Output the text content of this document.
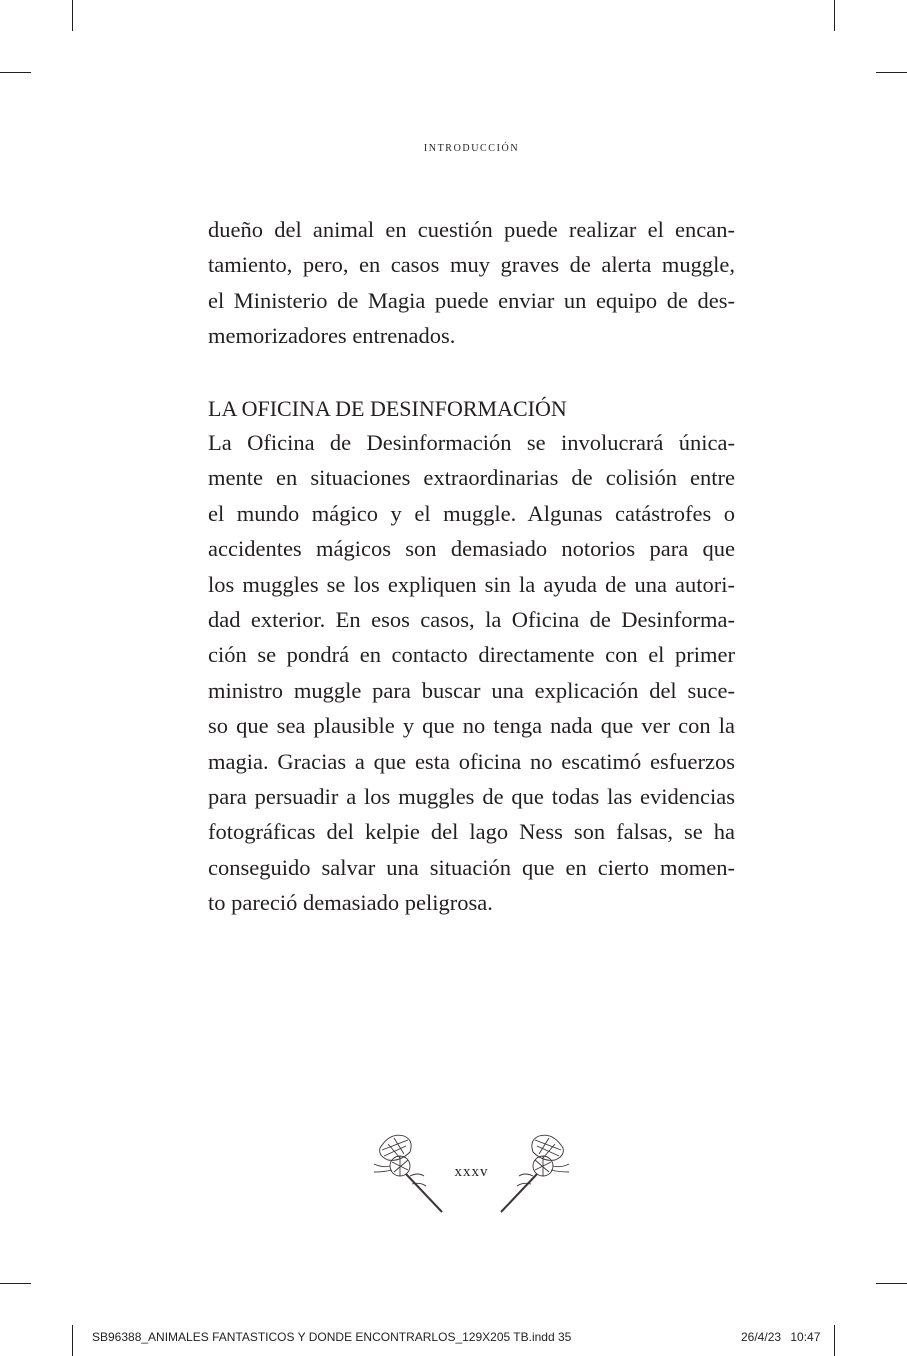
introducción
dueño del animal en cuestión puede realizar el encan-
tamiento, pero, en casos muy graves de alerta muggle,
el Ministerio de Magia puede enviar un equipo de des-
memorizadores entrenados.
LA OFICINA DE DESINFORMACIÓN
La Oficina de Desinformación se involucrará única-
mente en situaciones extraordinarias de colisión entre
el mundo mágico y el muggle. Algunas catástrofes o
accidentes mágicos son demasiado notorios para que
los muggles se los expliquen sin la ayuda de una autori-
dad exterior. En esos casos, la Oficina de Desinforma-
ción se pondrá en contacto directamente con el primer
ministro muggle para buscar una explicación del suce-
so que sea plausible y que no tenga nada que ver con la
magia. Gracias a que esta oficina no escatimó esfuerzos
para persuadir a los muggles de que todas las evidencias
fotográficas del kelpie del lago Ness son falsas, se ha
conseguido salvar una situación que en cierto momen-
to pareció demasiado peligrosa.
xxxv
SB96388_ANIMALES FANTASTICOS Y DONDE ENCONTRARLOS_129X205 TB.indd 35	26/4/23 10:47
